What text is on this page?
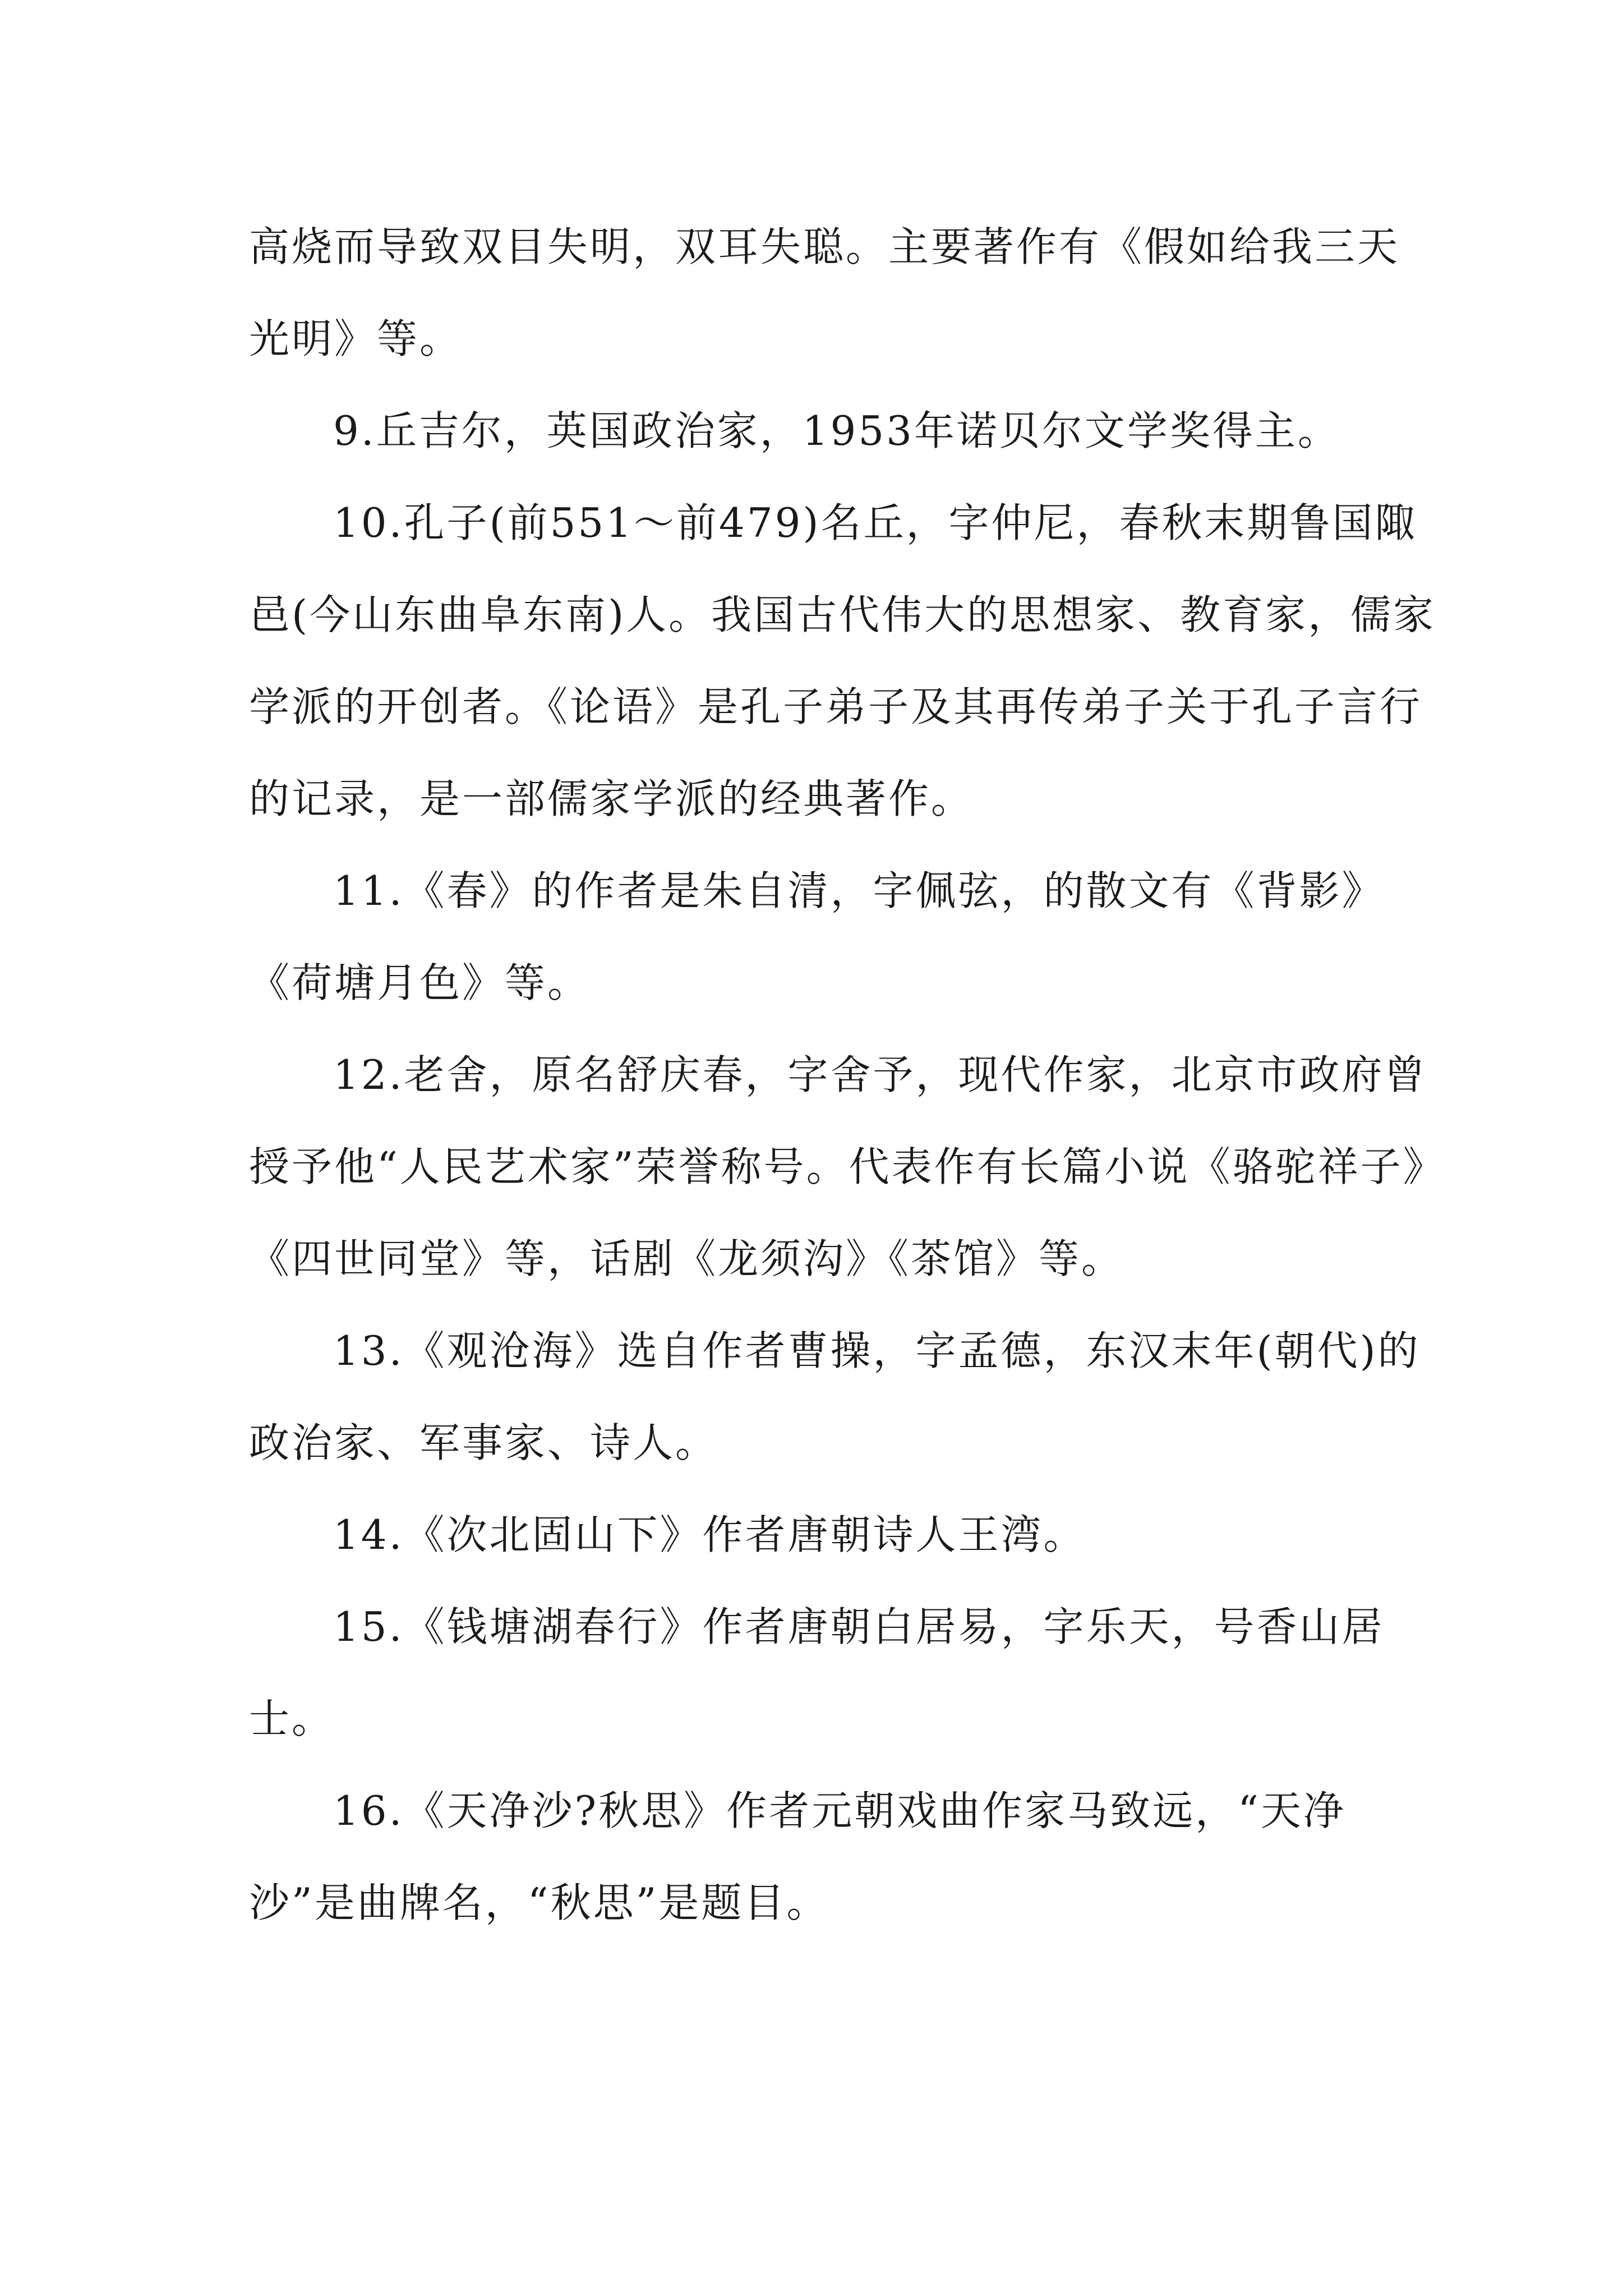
高烧而导致双目失明，双耳失聪。主要著作有《假如给我三天光明》等。

9.丘吉尔，英国政治家，1953年诺贝尔文学奖得主。

10.孔子(前551～前479)名丘，字仲尼，春秋末期鲁国陬邑(今山东曲阜东南)人。我国古代伟大的思想家、教育家，儒家学派的开创者。《论语》是孔子弟子及其再传弟子关于孔子言行的记录，是一部儒家学派的经典著作。

11.《春》的作者是朱自清，字佩弦，的散文有《背影》《荷塘月色》等。

12.老舍，原名舒庆春，字舍予，现代作家，北京市政府曾授予他“人民艺术家”荣誉称号。代表作有长篇小说《骆驼祥子》《四世同堂》等，话剧《龙须沟》《茶馆》等。

13.《观沧海》选自作者曹操，字孟德，东汉末年(朝代)的政治家、军事家、诗人。

14.《次北固山下》作者唐朝诗人王湾。

15.《钱塘湖春行》作者唐朝白居易，字乐天，号香山居士。

16.《天净沙?秋思》作者元朝戏曲作家马致远，“天净沙”是曲牌名，“秋思”是题目。
